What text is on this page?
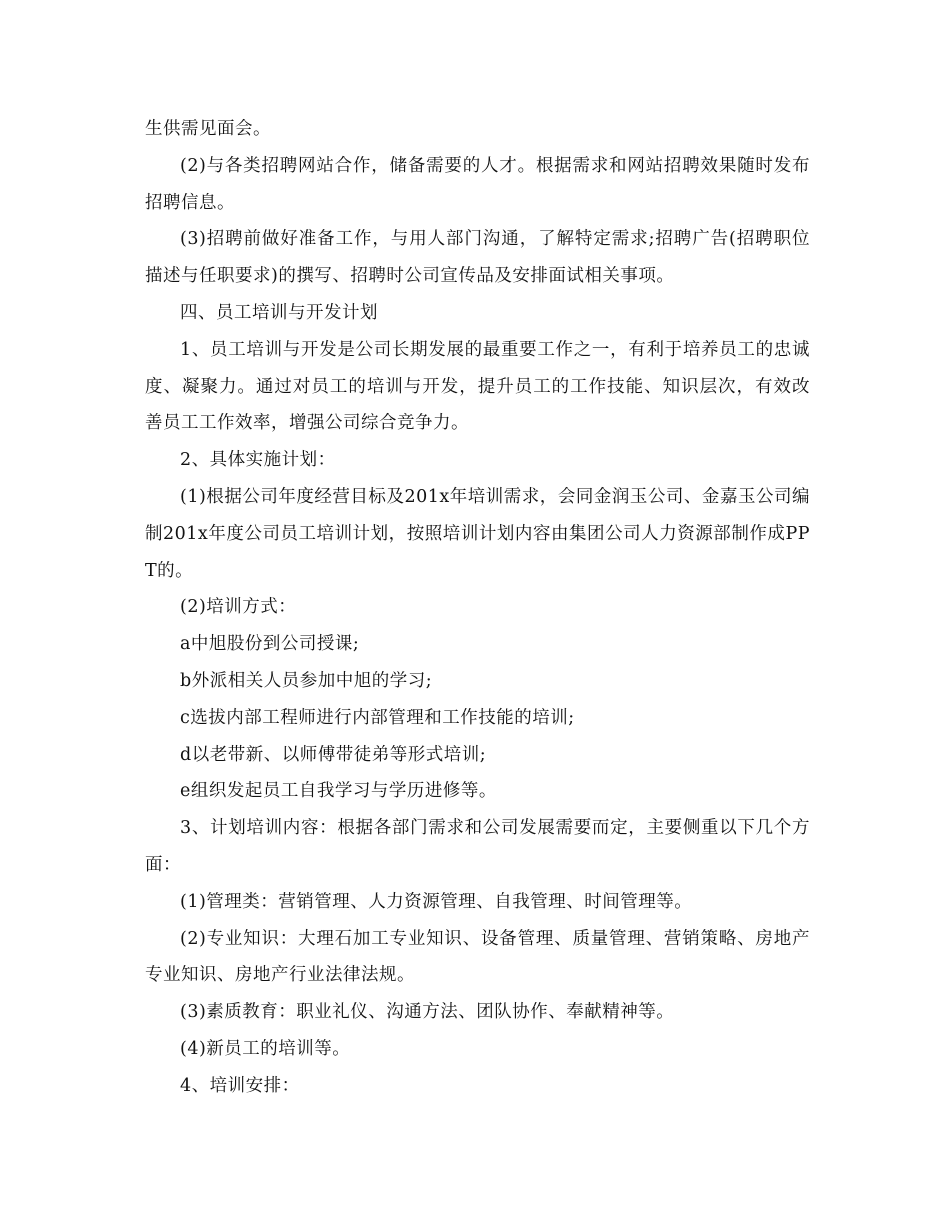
生供需见面会。

(2)与各类招聘网站合作，储备需要的人才。根据需求和网站招聘效果随时发布招聘信息。

(3)招聘前做好准备工作，与用人部门沟通，了解特定需求;招聘广告(招聘职位描述与任职要求)的撰写、招聘时公司宣传品及安排面试相关事项。

四、员工培训与开发计划

1、员工培训与开发是公司长期发展的最重要工作之一，有利于培养员工的忠诚度、凝聚力。通过对员工的培训与开发，提升员工的工作技能、知识层次，有效改善员工工作效率，增强公司综合竞争力。

2、具体实施计划：

(1)根据公司年度经营目标及201x年培训需求，会同金润玉公司、金嘉玉公司编制201x年度公司员工培训计划，按照培训计划内容由集团公司人力资源部制作成PPT的。

(2)培训方式：

a中旭股份到公司授课;

b外派相关人员参加中旭的学习;

c选拔内部工程师进行内部管理和工作技能的培训;

d以老带新、以师傅带徒弟等形式培训;

e组织发起员工自我学习与学历进修等。

3、计划培训内容：根据各部门需求和公司发展需要而定，主要侧重以下几个方面：

(1)管理类：营销管理、人力资源管理、自我管理、时间管理等。

(2)专业知识：大理石加工专业知识、设备管理、质量管理、营销策略、房地产专业知识、房地产行业法律法规。

(3)素质教育：职业礼仪、沟通方法、团队协作、奉献精神等。

(4)新员工的培训等。

4、培训安排：
